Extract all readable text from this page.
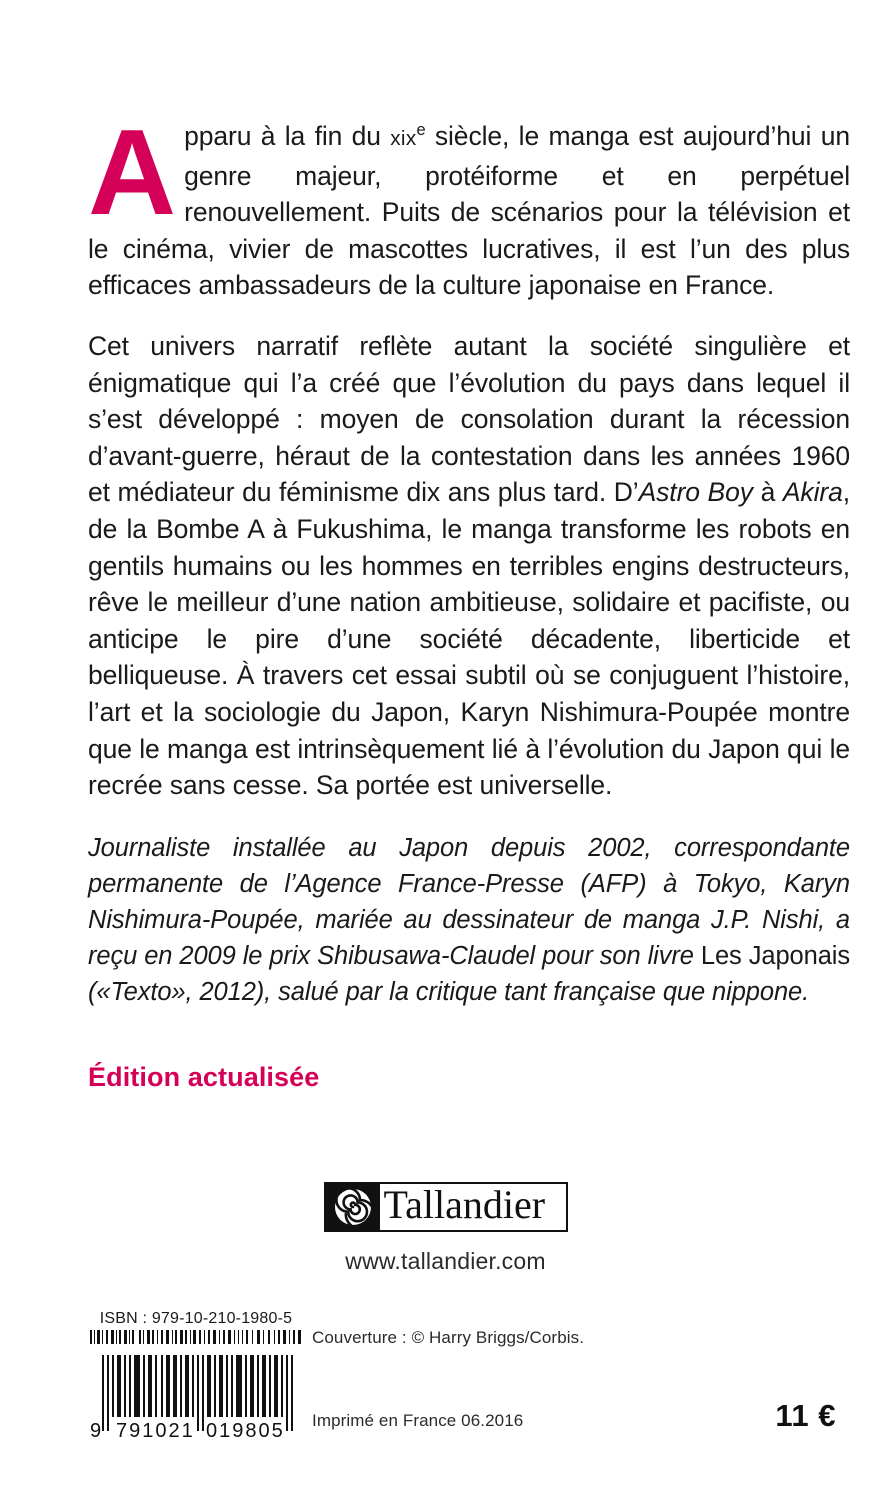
Apparu à la fin du xix$^e$ siècle, le manga est aujourd’hui un genre majeur, protéiforme et en perpétuel renouvellement. Puits de scénarios pour la télévision et le cinéma, vivier de mascottes lucratives, il est l’un des plus efficaces ambassadeurs de la culture japonaise en France.

Cet univers narratif reflète autant la société singulière et énigmatique qui l’a créé que l’évolution du pays dans lequel il s’est développé : moyen de consolation durant la récession d’avant-guerre, héraut de la contestation dans les années 1960 et médiateur du féminisme dix ans plus tard. D’Astro Boy à Akira, de la Bombe A à Fukushima, le manga transforme les robots en gentils humains ou les hommes en terribles engins destructeurs, rêve le meilleur d’une nation ambitieuse, solidaire et pacifiste, ou anticipe le pire d’une société décadente, liberticide et belliqueuse. À travers cet essai subtil où se conjuguent l’histoire, l’art et la sociologie du Japon, Karyn Nishimura-Poupée montre que le manga est intrinsèquement lié à l’évolution du Japon qui le recrée sans cesse. Sa portée est universelle.

Journaliste installée au Japon depuis 2002, correspondante permanente de l’Agence France-Presse (AFP) à Tokyo, Karyn Nishimura-Poupée, mariée au dessinateur de manga J.P. Nishi, a reçu en 2009 le prix Shibusawa-Claudel pour son livre Les Japonais («Texto», 2012), salué par la critique tant française que nippone.

Édition actualisée
Tallandier
www.tallandier.com
ISBN : 979-10-210-1980-5

9 791021 019805
Couverture : © Harry Briggs/Corbis.
Imprimé en France 06.2016	11 €
